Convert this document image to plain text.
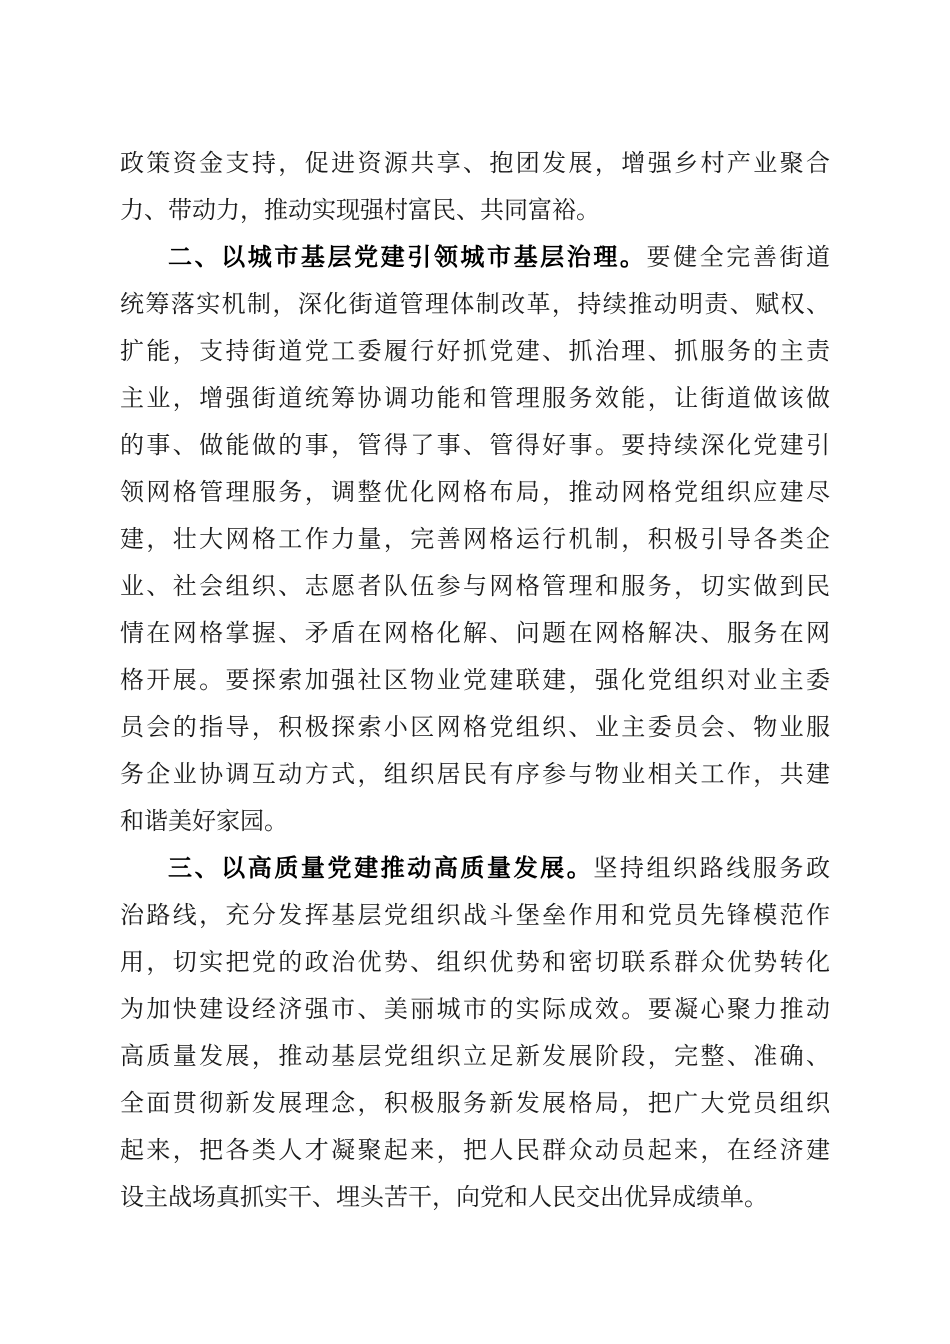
政策资金支持，促进资源共享、抱团发展，增强乡村产业聚合
力、带动力，推动实现强村富民、共同富裕。
二、以城市基层党建引领城市基层治理。要健全完善街道
统筹落实机制，深化街道管理体制改革，持续推动明责、赋权、
扩能，支持街道党工委履行好抓党建、抓治理、抓服务的主责
主业，增强街道统筹协调功能和管理服务效能，让街道做该做
的事、做能做的事，管得了事、管得好事。要持续深化党建引
领网格管理服务，调整优化网格布局，推动网格党组织应建尽
建，壮大网格工作力量，完善网格运行机制，积极引导各类企
业、社会组织、志愿者队伍参与网格管理和服务，切实做到民
情在网格掌握、矛盾在网格化解、问题在网格解决、服务在网
格开展。要探索加强社区物业党建联建，强化党组织对业主委
员会的指导，积极探索小区网格党组织、业主委员会、物业服
务企业协调互动方式，组织居民有序参与物业相关工作，共建
和谐美好家园。
三、以高质量党建推动高质量发展。坚持组织路线服务政
治路线，充分发挥基层党组织战斗堡垒作用和党员先锋模范作
用，切实把党的政治优势、组织优势和密切联系群众优势转化
为加快建设经济强市、美丽城市的实际成效。要凝心聚力推动
高质量发展，推动基层党组织立足新发展阶段，完整、准确、
全面贯彻新发展理念，积极服务新发展格局，把广大党员组织
起来，把各类人才凝聚起来，把人民群众动员起来，在经济建
设主战场真抓实干、埋头苦干，向党和人民交出优异成绩单。
